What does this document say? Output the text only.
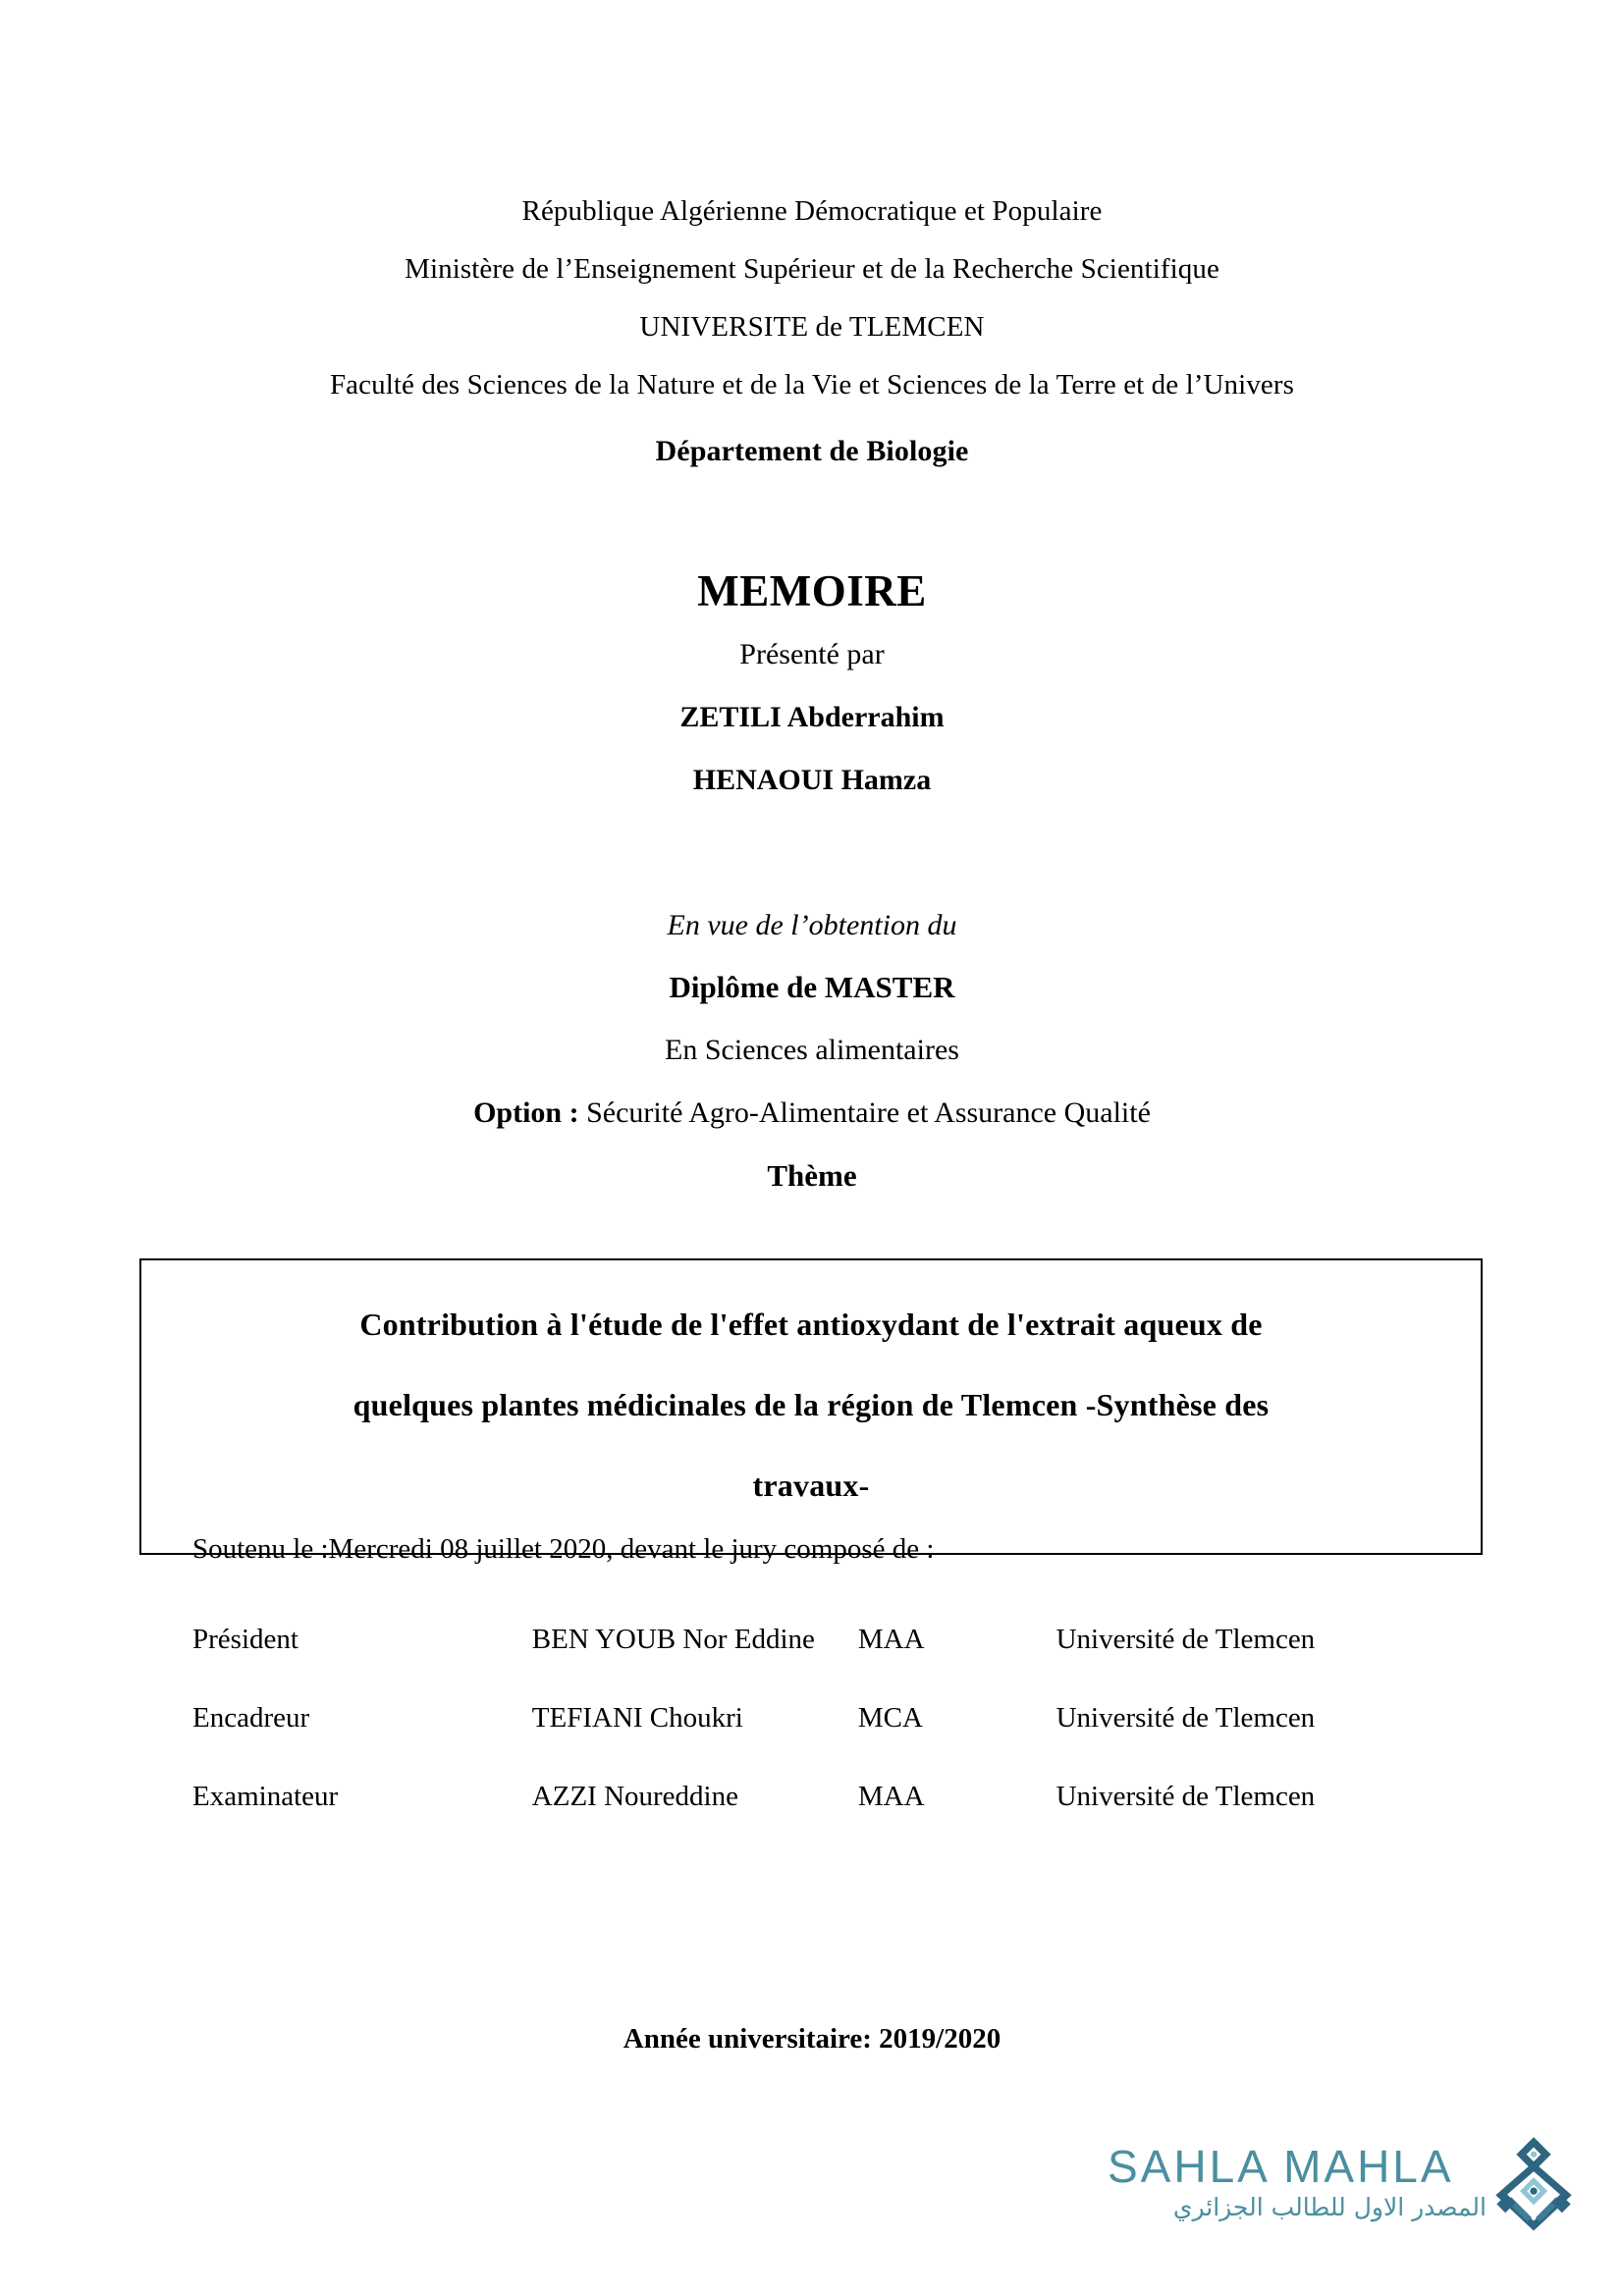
République Algérienne Démocratique et Populaire
Ministère de l’Enseignement Supérieur et de la Recherche Scientifique
UNIVERSITE de TLEMCEN
Faculté des Sciences de la Nature et de la Vie et Sciences de la Terre et de l’Univers
Département de Biologie
MEMOIRE
Présenté par
ZETILI Abderrahim
HENAOUI Hamza
En vue de l’obtention du
Diplôme de MASTER
En Sciences alimentaires
Option : Sécurité Agro-Alimentaire et Assurance Qualité
Thème
Contribution à l'étude de l'effet antioxydant de l'extrait aqueux de
quelques plantes médicinales de la région de Tlemcen -Synthèse des
travaux-
Soutenu le :Mercredi 08 juillet 2020, devant le jury composé de :
Président	BEN YOUB Nor Eddine	MAA	Université de Tlemcen
Encadreur	TEFIANI Choukri	MCA	Université de Tlemcen
Examinateur	AZZI Noureddine	MAA	Université de Tlemcen
Année universitaire: 2019/2020
SAHLA MAHLA
المصدر الاول للطالب الجزائري
